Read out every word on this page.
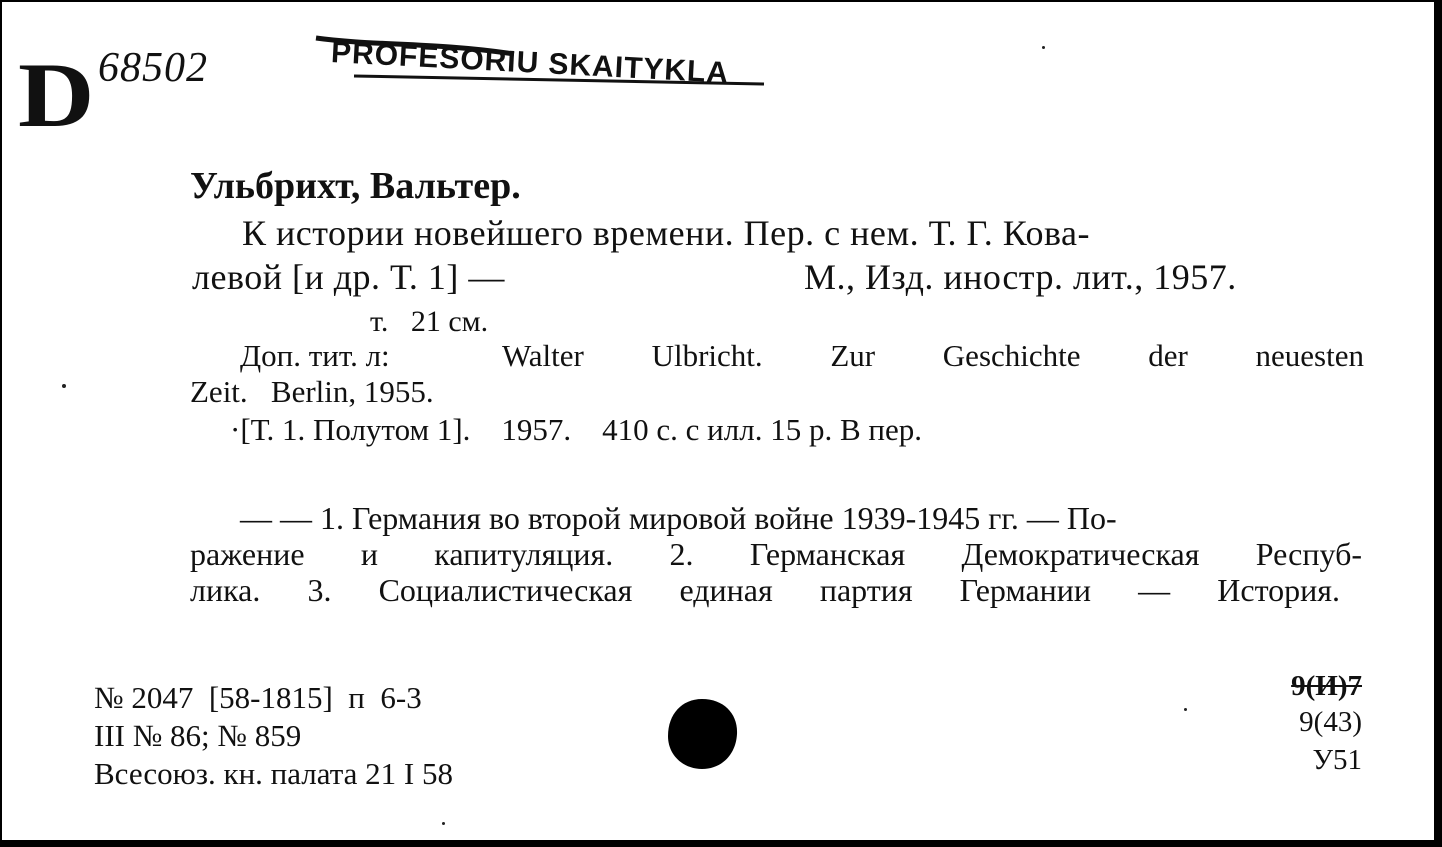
D 68502	PROFESORIU SKAITYKLA
Ульбрихт, Вальтер.
К истории новейшего времени. Пер. с нем. Т. Г. Кова-
левой [и др. Т. 1] —	М., Изд. иностр. лит., 1957.
т.   21 см.
Доп. тит. л:	Walter Ulbricht. Zur Geschichte der neuesten
Zeit.   Berlin, 1955.
·[Т. 1. Полутом 1].    1957.    410 с. с илл. 15 р. В пер.
— — 1. Германия во второй мировой войне 1939-1945 гг. — По-
ражение и капитуляция. 2. Германская Демократическая Респуб-
лика. 3. Социалистическая единая партия Германии — История.
№ 2047  [58-1815]  п  6-3
III № 86; № 859
Всесоюз. кн. палата 21 I 58
9(И)7
9(43)
У51
